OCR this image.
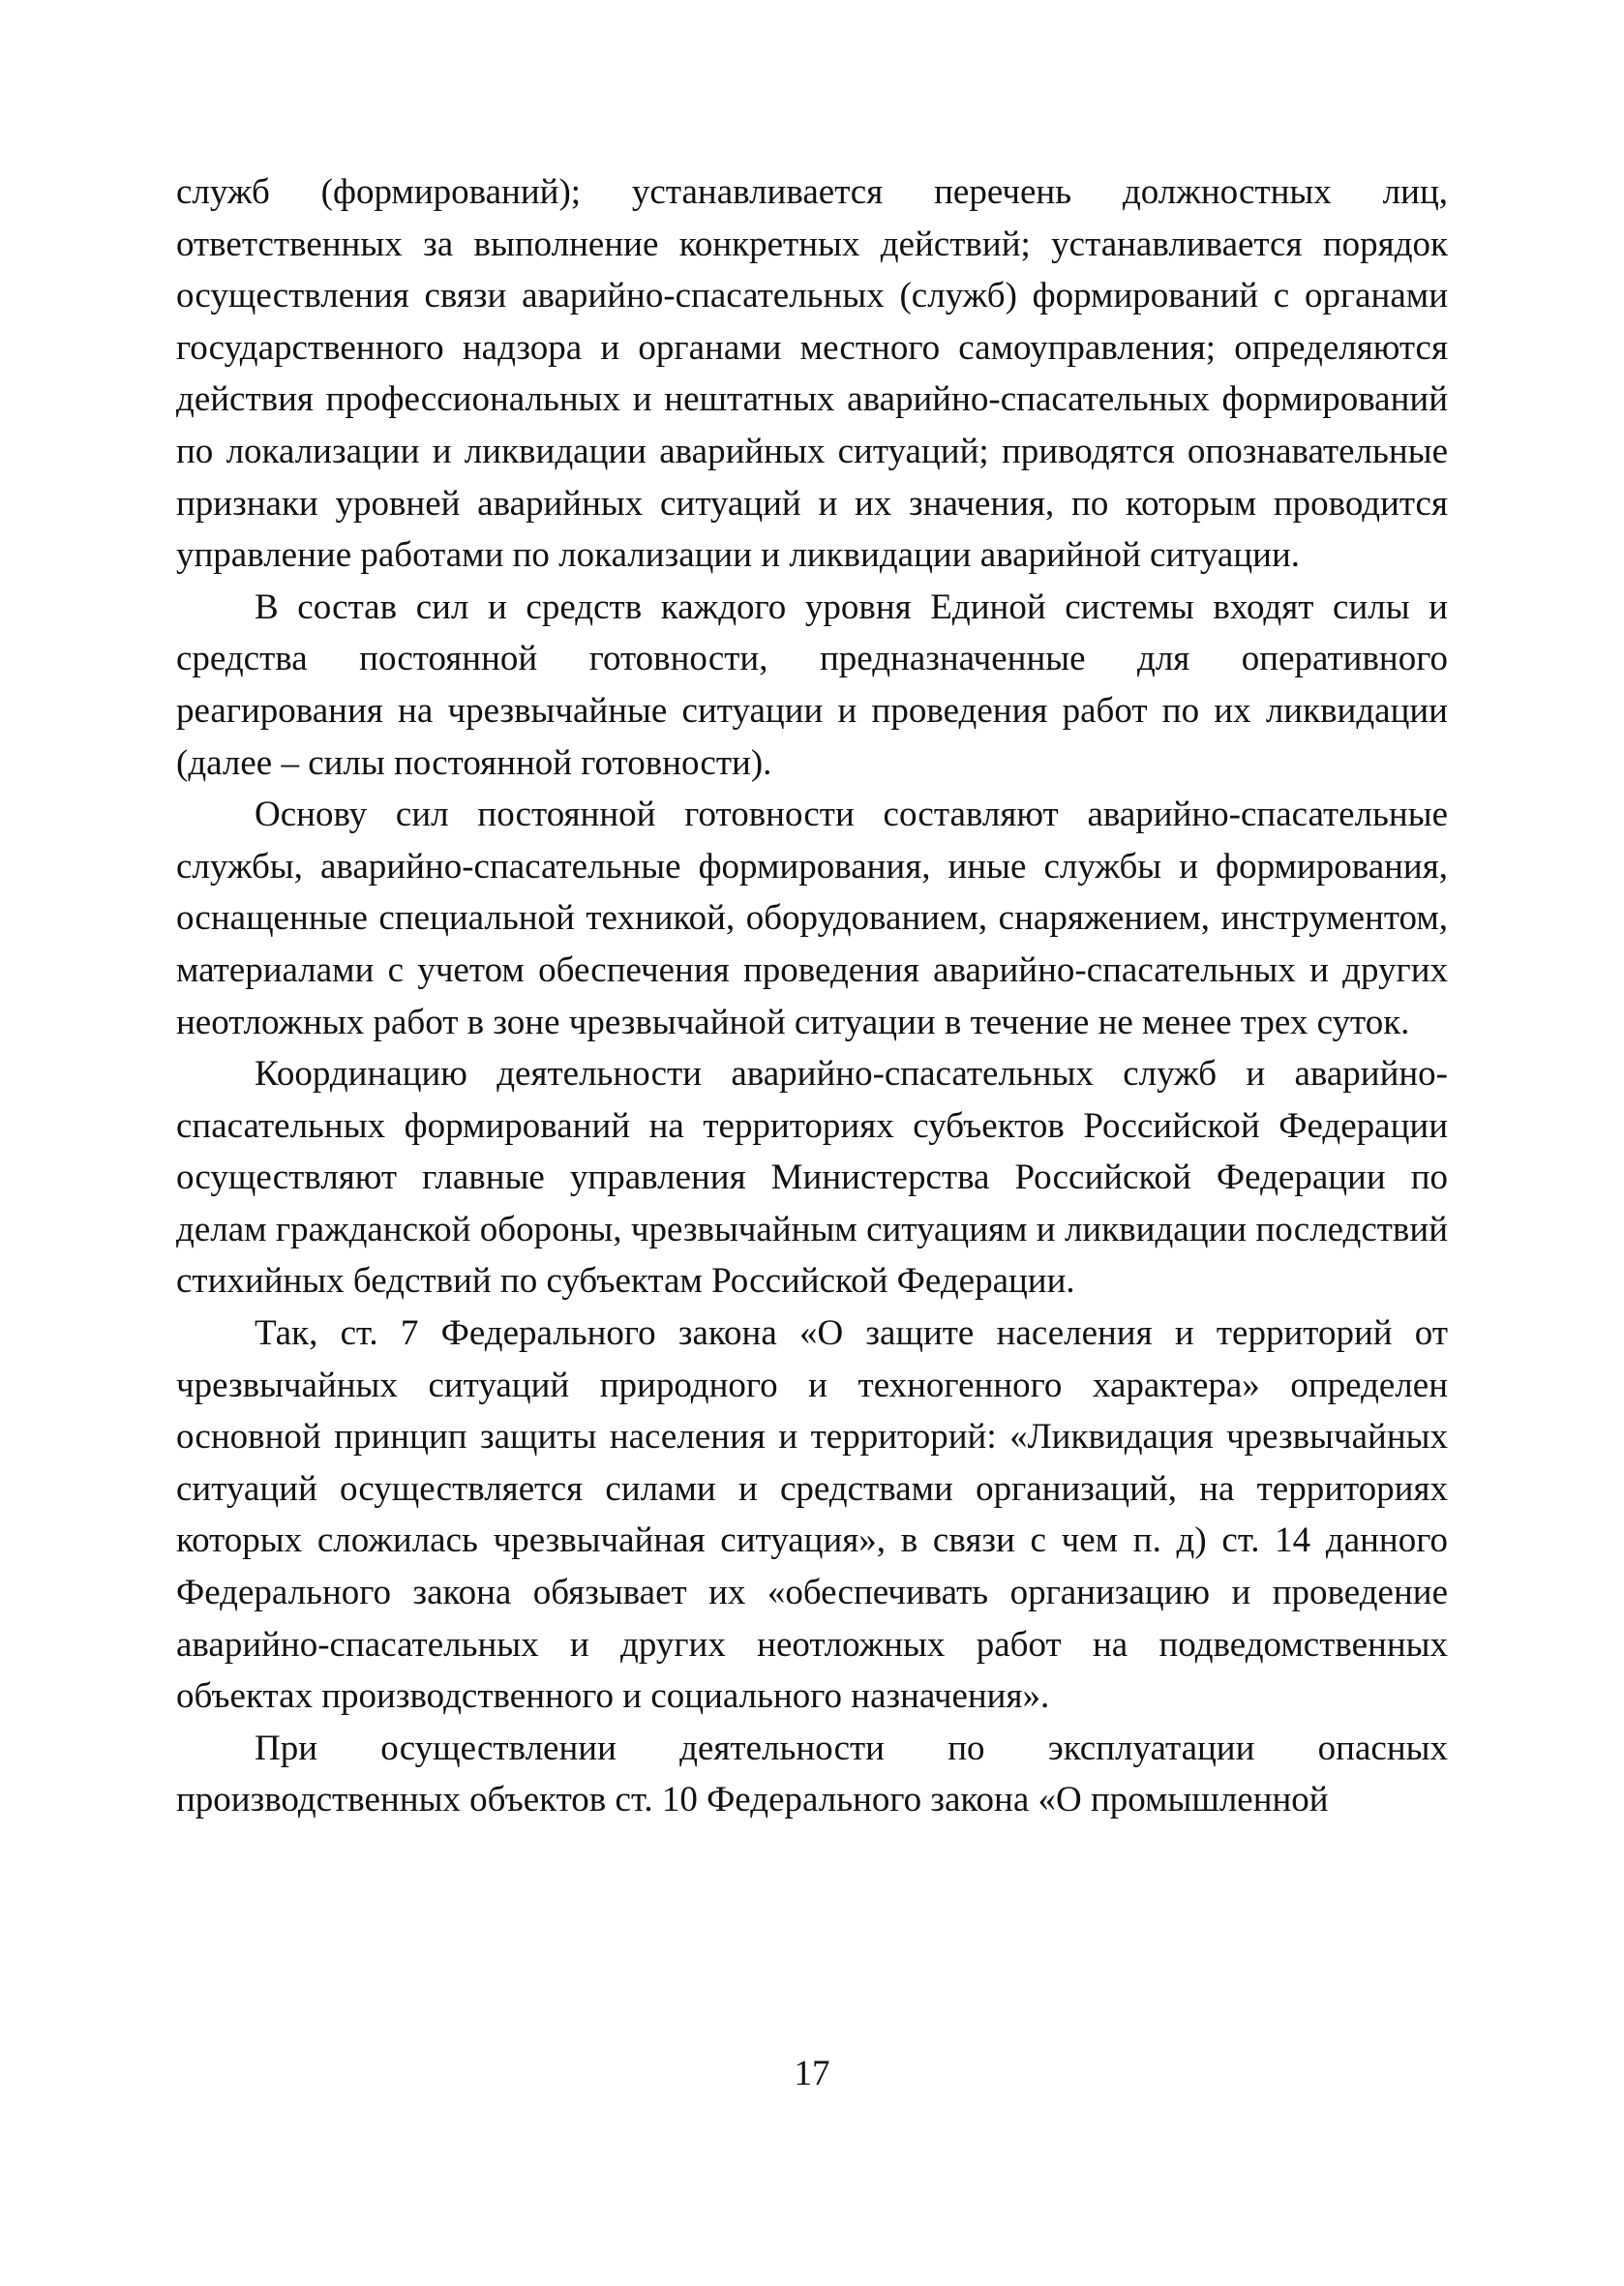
служб (формирований); устанавливается перечень должностных лиц, ответственных за выполнение конкретных действий; устанавливается порядок осуществления связи аварийно-спасательных (служб) формирований с органами государственного надзора и органами местного самоуправления; определяются действия профессиональных и нештатных аварийно-спасательных формирований по локализации и ликвидации аварийных ситуаций; приводятся опознавательные признаки уровней аварийных ситуаций и их значения, по которым проводится управление работами по локализации и ликвидации аварийной ситуации.

В состав сил и средств каждого уровня Единой системы входят силы и средства постоянной готовности, предназначенные для оперативного реагирования на чрезвычайные ситуации и проведения работ по их ликвидации (далее – силы постоянной готовности).

Основу сил постоянной готовности составляют аварийно-спасательные службы, аварийно-спасательные формирования, иные службы и формирования, оснащенные специальной техникой, оборудованием, снаряжением, инструментом, материалами с учетом обеспечения проведения аварийно-спасательных и других неотложных работ в зоне чрезвычайной ситуации в течение не менее трех суток.

Координацию деятельности аварийно-спасательных служб и аварийно-спасательных формирований на территориях субъектов Российской Федерации осуществляют главные управления Министерства Российской Федерации по делам гражданской обороны, чрезвычайным ситуациям и ликвидации последствий стихийных бедствий по субъектам Российской Федерации.

Так, ст. 7 Федерального закона «О защите населения и территорий от чрезвычайных ситуаций природного и техногенного характера» определен основной принцип защиты населения и территорий: «Ликвидация чрезвычайных ситуаций осуществляется силами и средствами организаций, на территориях которых сложилась чрезвычайная ситуация», в связи с чем п. д) ст. 14 данного Федерального закона обязывает их «обеспечивать организацию и проведение аварийно-спасательных и других неотложных работ на подведомственных объектах производственного и социального назначения».

При осуществлении деятельности по эксплуатации опасных производственных объектов ст. 10 Федерального закона «О промышленной

17
